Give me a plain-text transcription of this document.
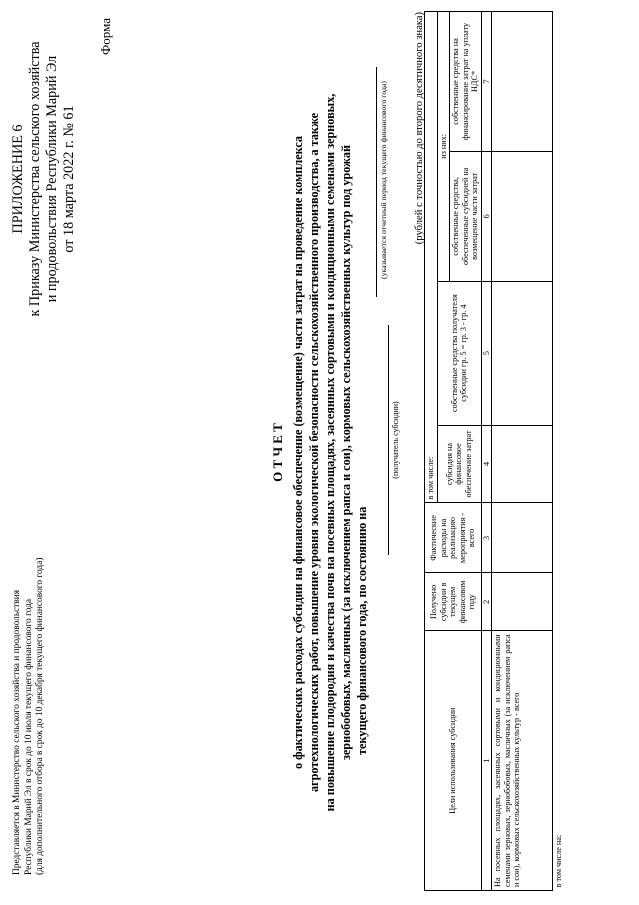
ПРИЛОЖЕНИЕ 6 к Приказу Министерства сельского хозяйства и продовольствия Республики Марий Эл от 18 марта 2022 г. № 61
Форма
Представляется в Министерство сельского хозяйства и продовольствия Республики Марий Эл в срок до 10 июля текущего финансового года (для дополнительного отбора в срок до 10 декабря текущего финансового года)
О Т Ч Е Т о фактических расходах субсидии на финансовое обеспечение (возмещение) части затрат на проведение комплекса агротехнологических работ, повышение уровня экологической безопасности сельскохозяйственного производства, а также на повышение плодородия и качества почв на посевных площадях, засеянных сортовыми и кондиционными семенами зерновых, зернобобовых, масличных (за исключением рапса и сои), кормовых сельскохозяйственных культур под урожай текущего финансового года, по состоянию на
(указывается отчетный период текущего финансового года)
(получатель субсидии)
(рублей с точностью до второго десятичного знака)
Цели использования субсидии	Получено субсидии в текущем финансовом году	Фактические расходы на реализацию мероприятия - всего	в том числе:			
			субсидия на финансовое обеспечение затрат	собственные средства получателя субсидии гр. 5 = гр. 3 - гр. 4	из них:	
					собственные средства, обеспеченные субсидией на возмещение части затрат	собственные средства на финансирование затрат на уплату НДС*
1	2	3	4	5	6	7
На посевных площадях, засеянных сортовыми и кондиционными семенами зерновых, зернобобовых, масличных (за исключением рапса и сои), кормовых сельскохозяйственных культур - всего						
в том числе на:						
